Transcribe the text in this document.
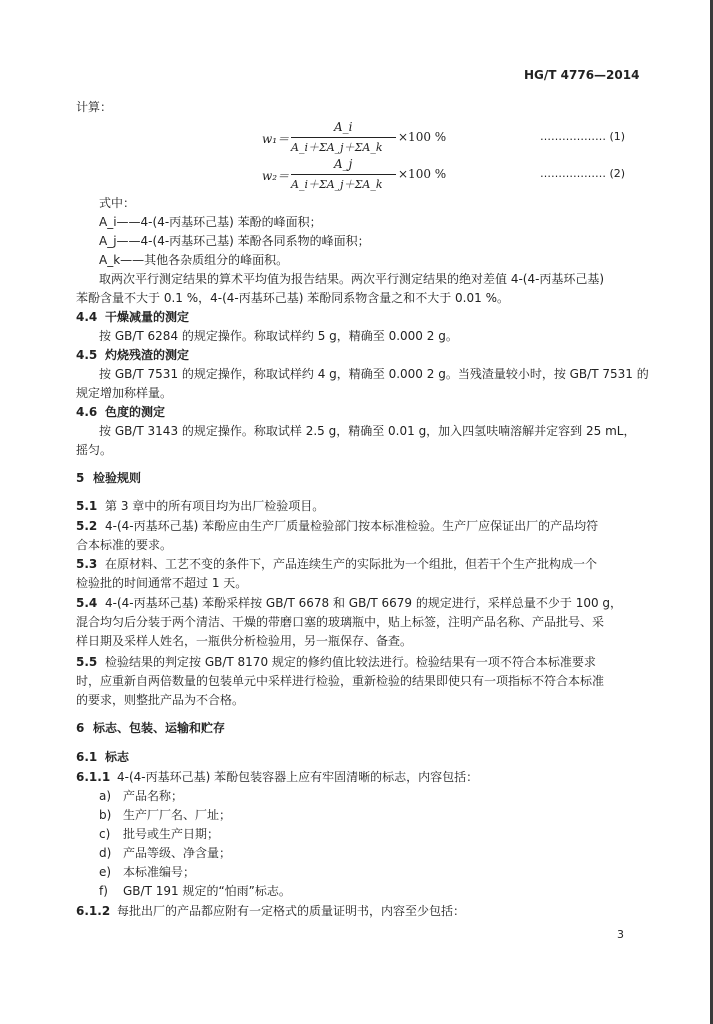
HG/T 4776—2014
计算：
w₁＝
A_i
A_i＋ΣA_j＋ΣA_k
×100 %	……………… (1)
w₂＝
A_j
A_i＋ΣA_j＋ΣA_k
×100 %	……………… (2)
式中：
A_i——4-(4-丙基环己基) 苯酚的峰面积；
A_j——4-(4-丙基环己基) 苯酚各同系物的峰面积；
A_k——其他各杂质组分的峰面积。
取两次平行测定结果的算术平均值为报告结果。两次平行测定结果的绝对差值 4-(4-丙基环己基)
苯酚含量不大于 0.1 %，4-(4-丙基环己基) 苯酚同系物含量之和不大于 0.01 %。
4.4 干燥减量的测定
按 GB/T 6284 的规定操作。称取试样约 5 g，精确至 0.000 2 g。
4.5 灼烧残渣的测定
按 GB/T 7531 的规定操作，称取试样约 4 g，精确至 0.000 2 g。当残渣量较小时，按 GB/T 7531 的
规定增加称样量。
4.6 色度的测定
按 GB/T 3143 的规定操作。称取试样 2.5 g，精确至 0.01 g，加入四氢呋喃溶解并定容到 25 mL，
摇匀。
5 检验规则
5.1 第 3 章中的所有项目均为出厂检验项目。
5.2 4-(4-丙基环己基) 苯酚应由生产厂质量检验部门按本标准检验。生产厂应保证出厂的产品均符
合本标准的要求。
5.3 在原材料、工艺不变的条件下，产品连续生产的实际批为一个组批，但若干个生产批构成一个
检验批的时间通常不超过 1 天。
5.4 4-(4-丙基环己基) 苯酚采样按 GB/T 6678 和 GB/T 6679 的规定进行，采样总量不少于 100 g，
混合均匀后分装于两个清洁、干燥的带磨口塞的玻璃瓶中，贴上标签，注明产品名称、产品批号、采
样日期及采样人姓名，一瓶供分析检验用，另一瓶保存、备查。
5.5 检验结果的判定按 GB/T 8170 规定的修约值比较法进行。检验结果有一项不符合本标准要求
时，应重新自两倍数量的包装单元中采样进行检验，重新检验的结果即使只有一项指标不符合本标准
的要求，则整批产品为不合格。
6 标志、包装、运输和贮存
6.1 标志
6.1.1 4-(4-丙基环己基) 苯酚包装容器上应有牢固清晰的标志，内容包括：
a) 产品名称；
b) 生产厂厂名、厂址；
c) 批号或生产日期；
d) 产品等级、净含量；
e) 本标准编号；
f) GB/T 191 规定的“怕雨”标志。
6.1.2 每批出厂的产品都应附有一定格式的质量证明书，内容至少包括：
3
